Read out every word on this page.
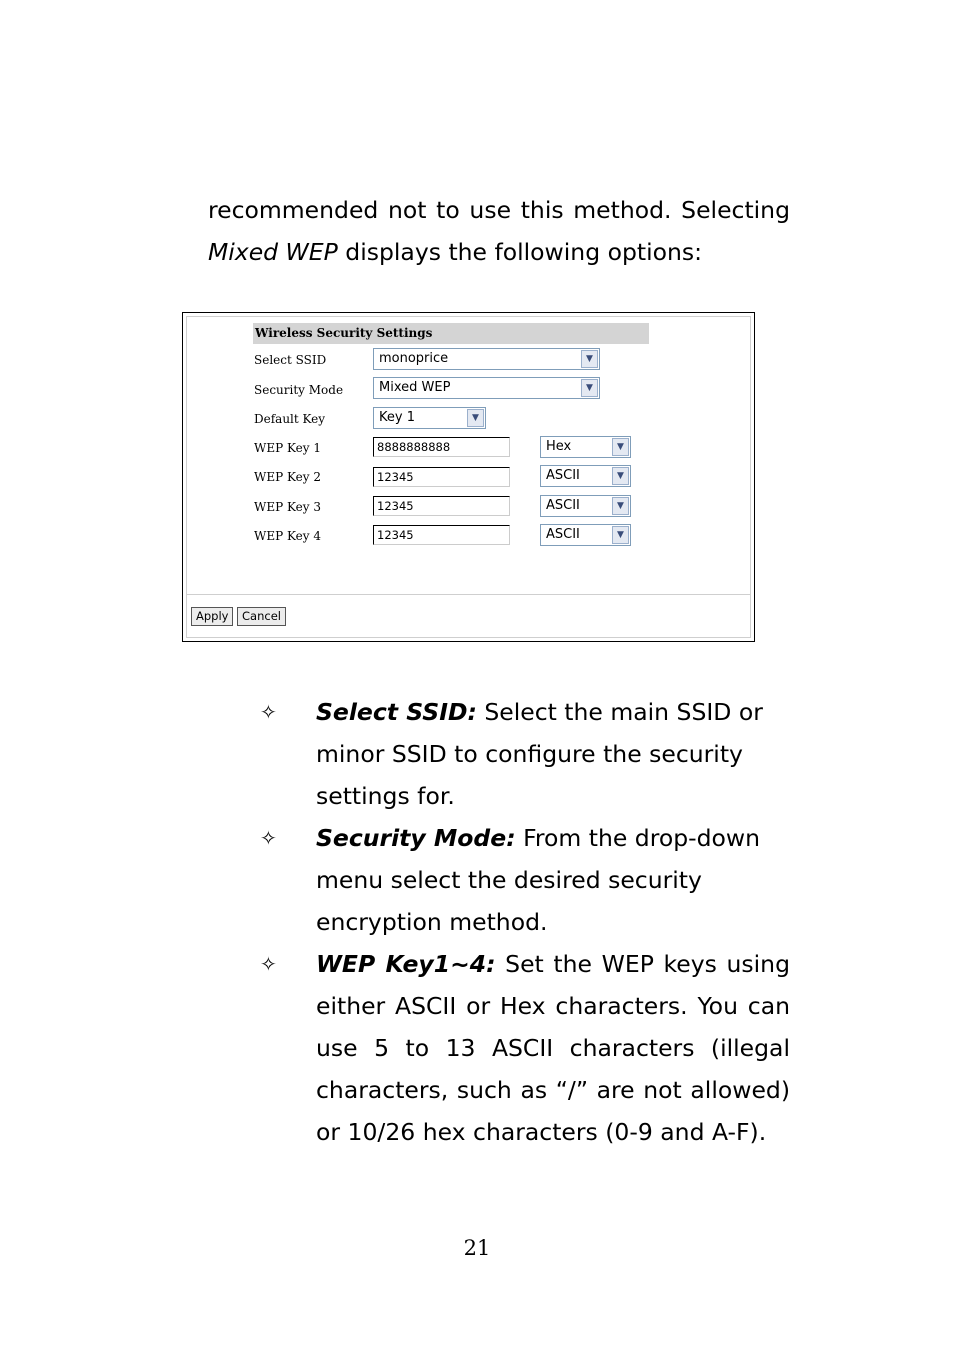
recommended not to use this method. Selecting
Mixed WEP displays the following options:
Wireless Security Settings
Select SSID	monoprice	▼
Security Mode	Mixed WEP	▼
Default Key	Key 1	▼
WEP Key 1	8888888888	Hex	▼
WEP Key 2	12345	ASCII	▼
WEP Key 3	12345	ASCII	▼
WEP Key 4	12345	ASCII	▼
Apply	Cancel
✧	Select SSID: Select the main SSID or minor SSID to configure the security settings for.
✧	Security Mode: From the drop-down menu select the desired security encryption method.
✧	WEP Key1~4: Set the WEP keys using either ASCII or Hex characters. You can use 5 to 13 ASCII characters (illegal characters, such as “/” are not allowed) or 10/26 hex characters (0-9 and A-F).
21
